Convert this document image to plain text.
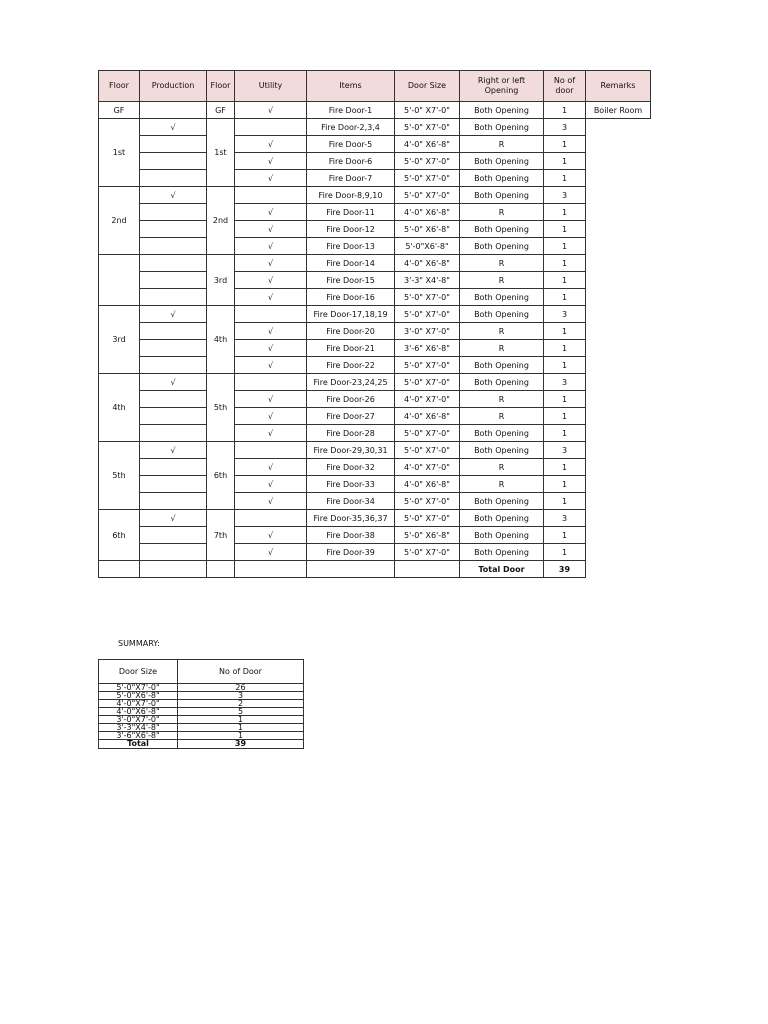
Floor	Production	Floor	Utility	Items	Door Size	Right or left Opening	No of door	Remarks
GF		GF	√	Fire Door-1	5'-0" X7'-0"	Both Opening	1	Boiler Room
1st	√	1st		Fire Door-2,3,4	5'-0" X7'-0"	Both Opening	3	
			√	Fire Door-5	4'-0" X6'-8"	R	1	
			√	Fire Door-6	5'-0" X7'-0"	Both Opening	1	
			√	Fire Door-7	5'-0" X7'-0"	Both Opening	1	
2nd	√	2nd		Fire Door-8,9,10	5'-0" X7'-0"	Both Opening	3	
			√	Fire Door-11	4'-0" X6'-8"	R	1	
			√	Fire Door-12	5'-0" X6'-8"	Both Opening	1	
			√	Fire Door-13	5'-0"X6'-8"	Both Opening	1	
		3rd	√	Fire Door-14	4'-0" X6'-8"	R	1	
			√	Fire Door-15	3'-3" X4'-8"	R	1	
			√	Fire Door-16	5'-0" X7'-0"	Both Opening	1	
3rd	√	4th		Fire Door-17,18,19	5'-0" X7'-0"	Both Opening	3	
			√	Fire Door-20	3'-0" X7'-0"	R	1	
			√	Fire Door-21	3'-6" X6'-8"	R	1	
			√	Fire Door-22	5'-0" X7'-0"	Both Opening	1	
4th	√	5th		Fire Door-23,24,25	5'-0" X7'-0"	Both Opening	3	
			√	Fire Door-26	4'-0" X7'-0"	R	1	
			√	Fire Door-27	4'-0" X6'-8"	R	1	
			√	Fire Door-28	5'-0" X7'-0"	Both Opening	1	
5th	√	6th		Fire Door-29,30,31	5'-0" X7'-0"	Both Opening	3	
			√	Fire Door-32	4'-0" X7'-0"	R	1	
			√	Fire Door-33	4'-0" X6'-8"	R	1	
			√	Fire Door-34	5'-0" X7'-0"	Both Opening	1	
6th	√	7th		Fire Door-35,36,37	5'-0" X7'-0"	Both Opening	3	
			√	Fire Door-38	5'-0" X6'-8"	Both Opening	1	
			√	Fire Door-39	5'-0" X7'-0"	Both Opening	1	
						Total Door	39	
SUMMARY:
Door Size	No of Door
5'-0"X7'-0"	26
5'-0"X6'-8"	3
4'-0"X7'-0"	2
4'-0"X6'-8"	5
3'-0"X7'-0"	1
3'-3"X4'-8"	1
3'-6"X6'-8"	1
Total	39
